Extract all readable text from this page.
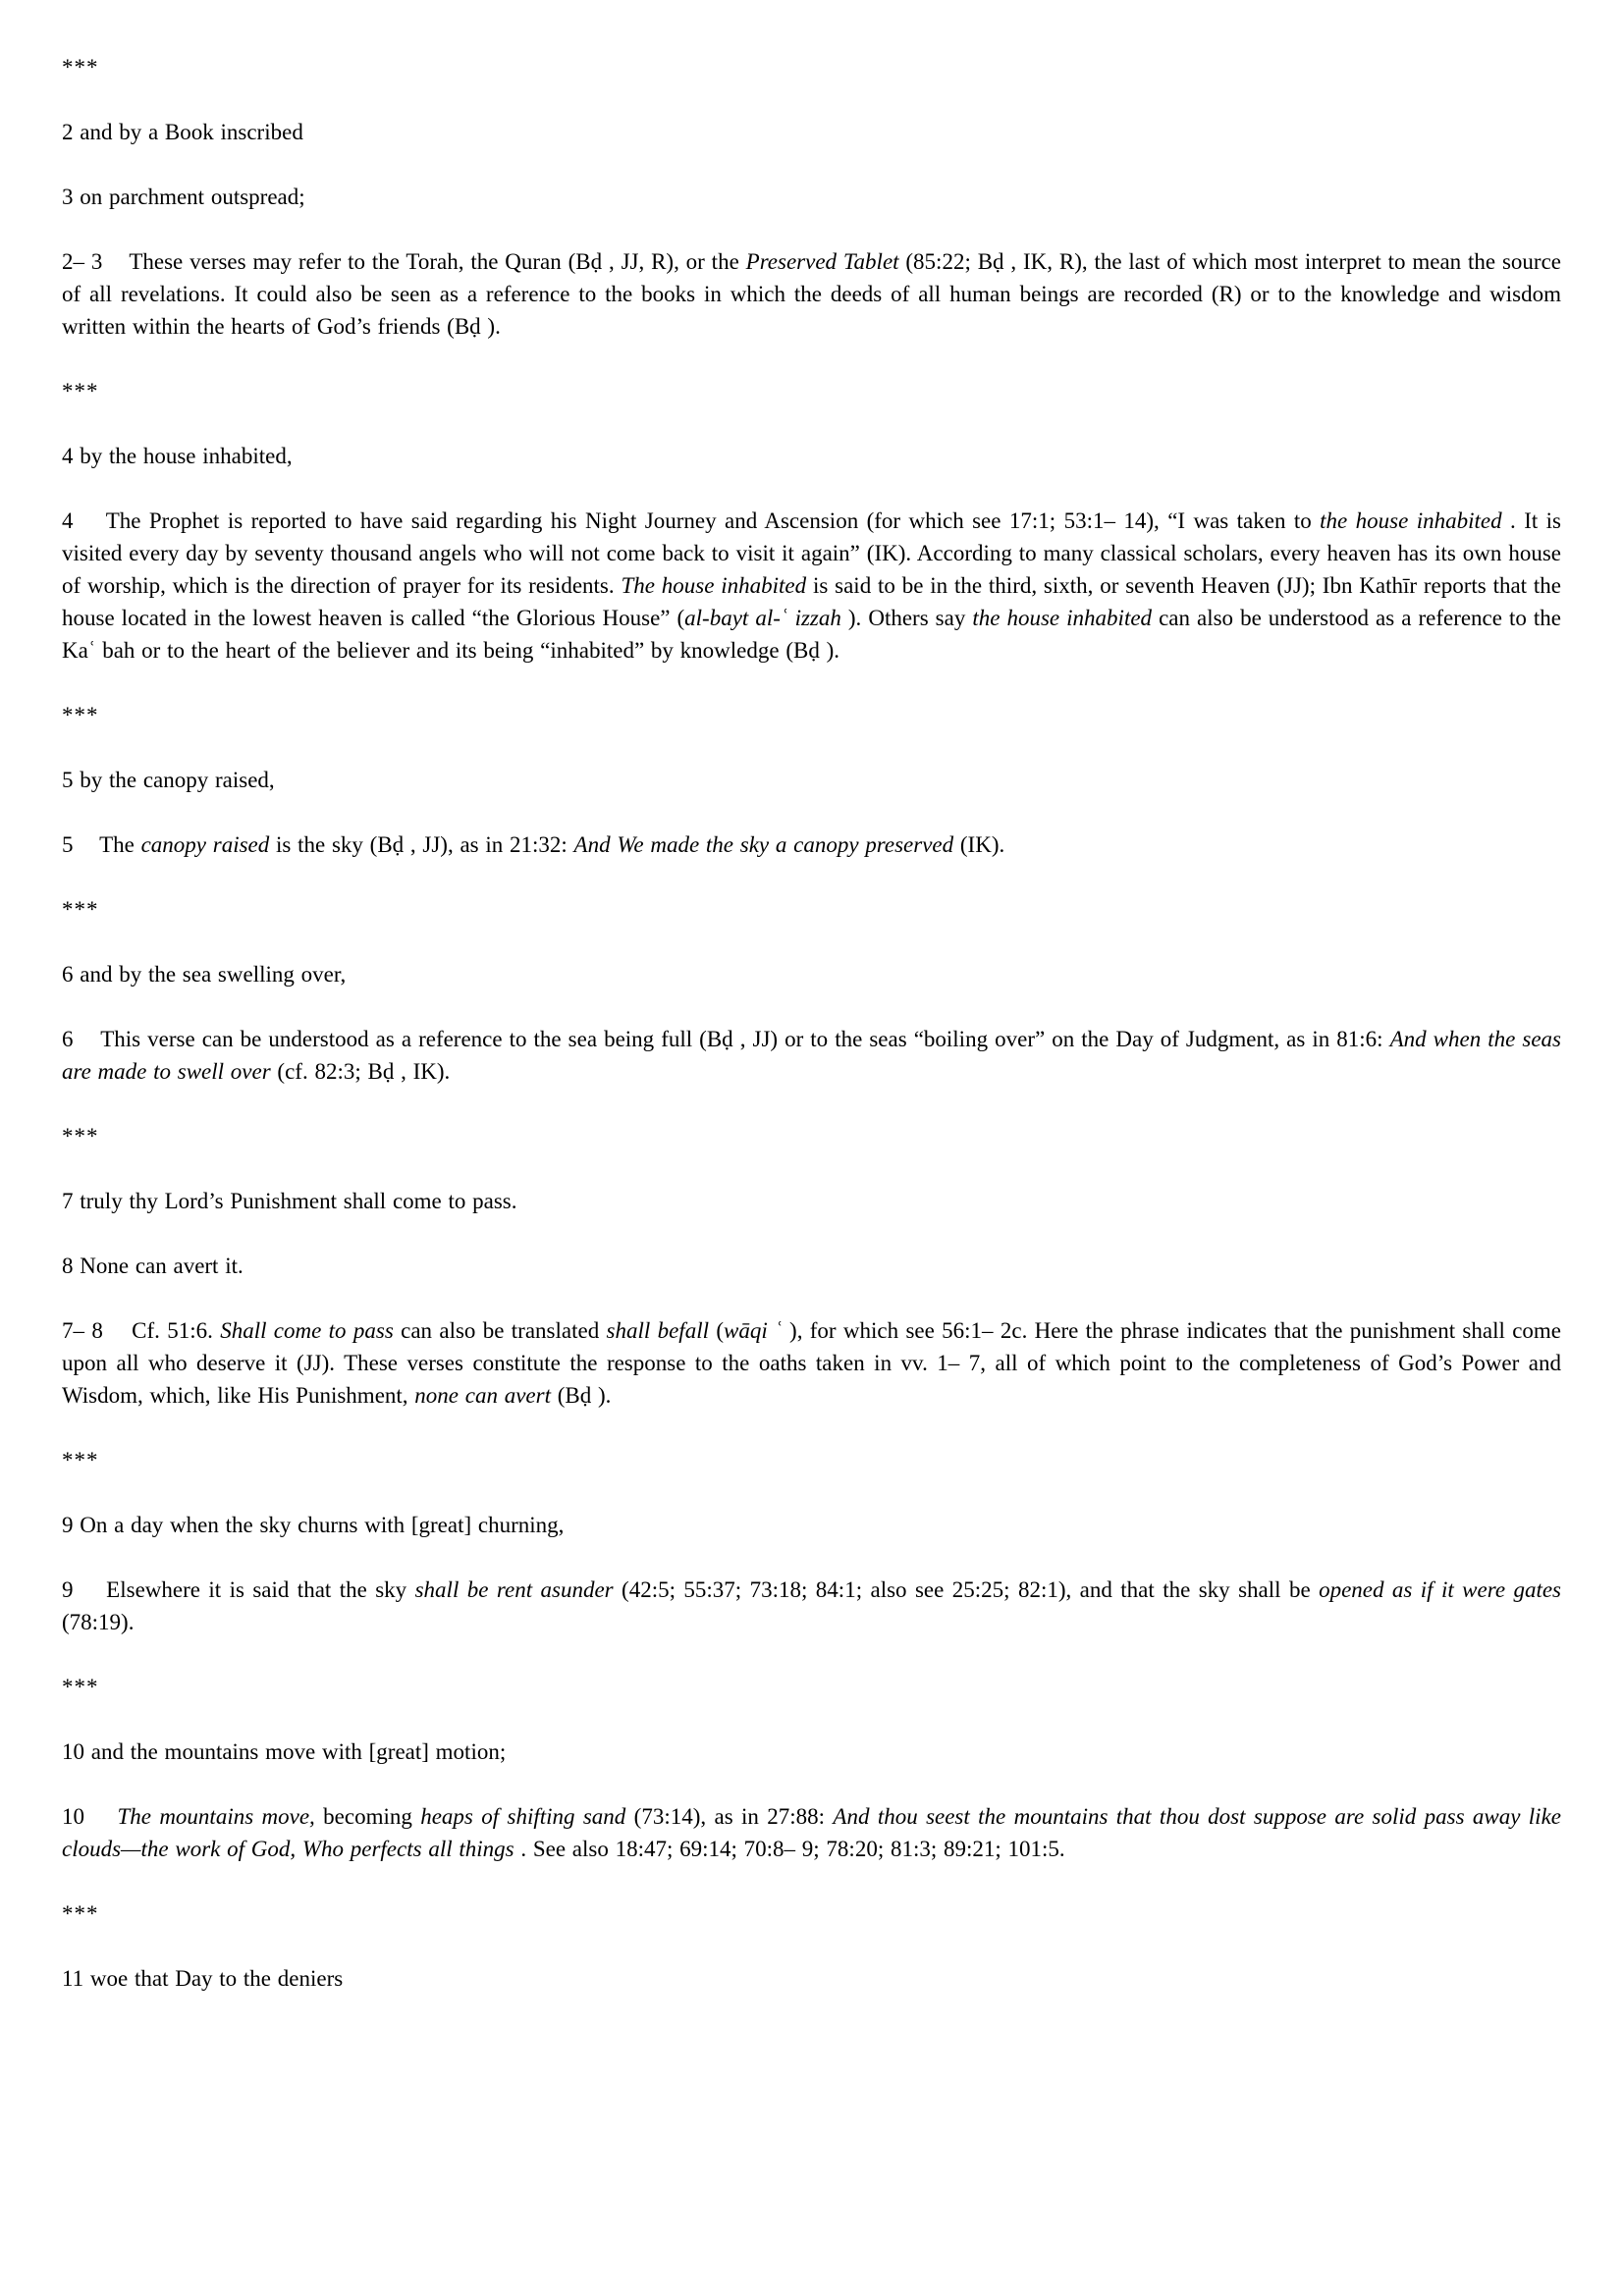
***

2 and by a Book inscribed

3 on parchment outspread;

2– 3    These verses may refer to the Torah, the Quran (Bḍ , JJ, R), or the Preserved Tablet (85:22; Bḍ , IK, R), the last of which most interpret to mean the source of all revelations. It could also be seen as a reference to the books in which the deeds of all human beings are recorded (R) or to the knowledge and wisdom written within the hearts of God’s friends (Bḍ ).

***

4 by the house inhabited,

4    The Prophet is reported to have said regarding his Night Journey and Ascension (for which see 17:1; 53:1– 14), “I was taken to the house inhabited . It is visited every day by seventy thousand angels who will not come back to visit it again” (IK). According to many classical scholars, every heaven has its own house of worship, which is the direction of prayer for its residents. The house inhabited is said to be in the third, sixth, or seventh Heaven (JJ); Ibn Kathīr reports that the house located in the lowest heaven is called “the Glorious House” (al-bayt al-ʿ izzah ). Others say the house inhabited can also be understood as a reference to the Kaʿ bah or to the heart of the believer and its being “inhabited” by knowledge (Bḍ ).

***

5 by the canopy raised,

5    The canopy raised is the sky (Bḍ , JJ), as in 21:32: And We made the sky a canopy preserved (IK).

***

6 and by the sea swelling over,

6    This verse can be understood as a reference to the sea being full (Bḍ , JJ) or to the seas “boiling over” on the Day of Judgment, as in 81:6: And when the seas are made to swell over (cf. 82:3; Bḍ , IK).

***

7 truly thy Lord’s Punishment shall come to pass.

8 None can avert it.

7– 8    Cf. 51:6. Shall come to pass can also be translated shall befall (wāqi ʿ ), for which see 56:1– 2c. Here the phrase indicates that the punishment shall come upon all who deserve it (JJ). These verses constitute the response to the oaths taken in vv. 1– 7, all of which point to the completeness of God’s Power and Wisdom, which, like His Punishment, none can avert (Bḍ ).

***

9 On a day when the sky churns with [great] churning,

9    Elsewhere it is said that the sky shall be rent asunder (42:5; 55:37; 73:18; 84:1; also see 25:25; 82:1), and that the sky shall be opened as if it were gates (78:19).

***

10 and the mountains move with [great] motion;

10    The mountains move, becoming heaps of shifting sand (73:14), as in 27:88: And thou seest the mountains that thou dost suppose are solid pass away like clouds—the work of God, Who perfects all things . See also 18:47; 69:14; 70:8– 9; 78:20; 81:3; 89:21; 101:5.

***

11 woe that Day to the deniers
